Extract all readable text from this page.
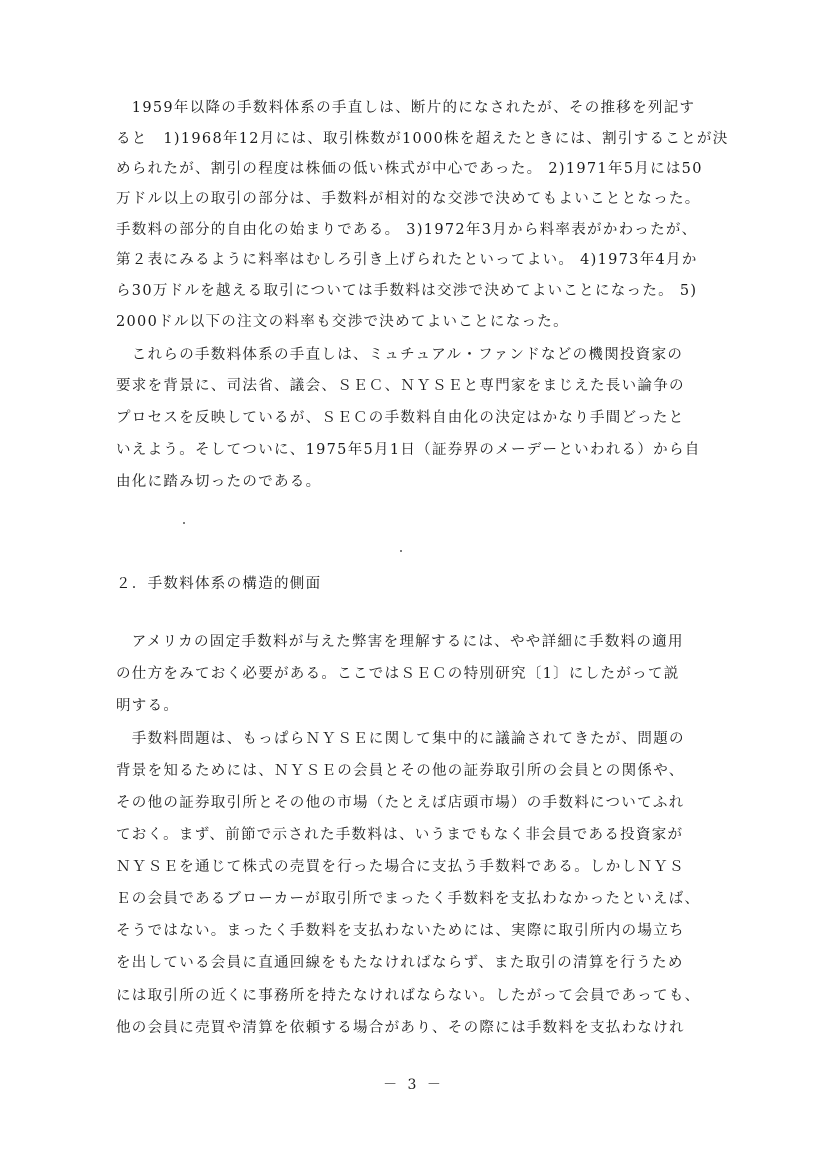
　1959年以降の手数料体系の手直しは、断片的になされたが、その推移を列記す
ると　1)1968年12月には、取引株数が1000株を超えたときには、割引することが決
められたが、割引の程度は株価の低い株式が中心であった。 2)1971年5月には50
万ドル以上の取引の部分は、手数料が相対的な交渉で決めてもよいこととなった。
手数料の部分的自由化の始まりである。 3)1972年3月から料率表がかわったが、
第２表にみるように料率はむしろ引き上げられたといってよい。 4)1973年4月か
ら30万ドルを越える取引については手数料は交渉で決めてよいことになった。 5)
2000ドル以下の注文の料率も交渉で決めてよいことになった。
　これらの手数料体系の手直しは、ミュチュアル・ファンドなどの機関投資家の
要求を背景に、司法省、議会、ＳＥＣ、ＮＹＳＥと専門家をまじえた長い論争の
プロセスを反映しているが、ＳＥＣの手数料自由化の決定はかなり手間どったと
いえよう。そしてついに、1975年5月1日（証券界のメーデーといわれる）から自
由化に踏み切ったのである。
２．手数料体系の構造的側面
　アメリカの固定手数料が与えた弊害を理解するには、やや詳細に手数料の適用
の仕方をみておく必要がある。ここではＳＥＣの特別研究〔1〕にしたがって説
明する。
　手数料問題は、もっぱらＮＹＳＥに関して集中的に議論されてきたが、問題の
背景を知るためには、ＮＹＳＥの会員とその他の証券取引所の会員との関係や、
その他の証券取引所とその他の市場（たとえば店頭市場）の手数料についてふれ
ておく。まず、前節で示された手数料は、いうまでもなく非会員である投資家が
ＮＹＳＥを通じて株式の売買を行った場合に支払う手数料である。しかしＮＹＳ
Ｅの会員であるブローカーが取引所でまったく手数料を支払わなかったといえば、
そうではない。まったく手数料を支払わないためには、実際に取引所内の場立ち
を出している会員に直通回線をもたなければならず、また取引の清算を行うため
には取引所の近くに事務所を持たなければならない。したがって会員であっても、
他の会員に売買や清算を依頼する場合があり、その際には手数料を支払わなけれ
－ 3 －
